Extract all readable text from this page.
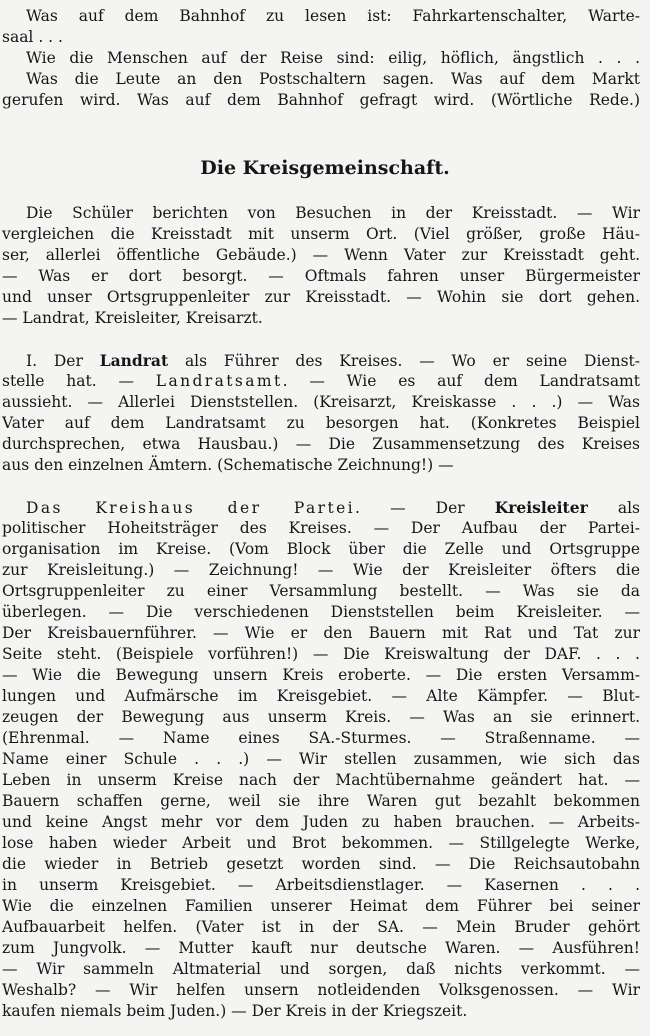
Was auf dem Bahnhof zu lesen ist: Fahrkartenschalter, Warte-
saal . . .
Wie die Menschen auf der Reise sind: eilig, höflich, ängstlich . . .
Was die Leute an den Postschaltern sagen. Was auf dem Markt
gerufen wird. Was auf dem Bahnhof gefragt wird. (Wörtliche Rede.)
Die Kreisgemeinschaft.
Die Schüler berichten von Besuchen in der Kreisstadt. — Wir
vergleichen die Kreisstadt mit unserm Ort. (Viel größer, große Häu-
ser, allerlei öffentliche Gebäude.) — Wenn Vater zur Kreisstadt geht.
— Was er dort besorgt. — Oftmals fahren unser Bürgermeister
und unser Ortsgruppenleiter zur Kreisstadt. — Wohin sie dort gehen.
— Landrat, Kreisleiter, Kreisarzt.
I. Der Landrat als Führer des Kreises. — Wo er seine Dienst-
stelle hat. — Landratsamt. — Wie es auf dem Landratsamt
aussieht. — Allerlei Dienststellen. (Kreisarzt, Kreiskasse . . .) — Was
Vater auf dem Landratsamt zu besorgen hat. (Konkretes Beispiel
durchsprechen, etwa Hausbau.) — Die Zusammensetzung des Kreises
aus den einzelnen Ämtern. (Schematische Zeichnung!) —
Das Kreishaus der Partei. — Der Kreisleiter als
politischer Hoheitsträger des Kreises. — Der Aufbau der Partei-
organisation im Kreise. (Vom Block über die Zelle und Ortsgruppe
zur Kreisleitung.) — Zeichnung! — Wie der Kreisleiter öfters die
Ortsgruppenleiter zu einer Versammlung bestellt. — Was sie da
überlegen. — Die verschiedenen Dienststellen beim Kreisleiter. —
Der Kreisbauernführer. — Wie er den Bauern mit Rat und Tat zur
Seite steht. (Beispiele vorführen!) — Die Kreiswaltung der DAF. . . .
— Wie die Bewegung unsern Kreis eroberte. — Die ersten Versamm-
lungen und Aufmärsche im Kreisgebiet. — Alte Kämpfer. — Blut-
zeugen der Bewegung aus unserm Kreis. — Was an sie erinnert.
(Ehrenmal. — Name eines SA.-Sturmes. — Straßenname. —
Name einer Schule . . .) — Wir stellen zusammen, wie sich das
Leben in unserm Kreise nach der Machtübernahme geändert hat. —
Bauern schaffen gerne, weil sie ihre Waren gut bezahlt bekommen
und keine Angst mehr vor dem Juden zu haben brauchen. — Arbeits-
lose haben wieder Arbeit und Brot bekommen. — Stillgelegte Werke,
die wieder in Betrieb gesetzt worden sind. — Die Reichsautobahn
in unserm Kreisgebiet. — Arbeitsdienstlager. — Kasernen . . .
Wie die einzelnen Familien unserer Heimat dem Führer bei seiner
Aufbauarbeit helfen. (Vater ist in der SA. — Mein Bruder gehört
zum Jungvolk. — Mutter kauft nur deutsche Waren. — Ausführen!
— Wir sammeln Altmaterial und sorgen, daß nichts verkommt. —
Weshalb? — Wir helfen unsern notleidenden Volksgenossen. — Wir
kaufen niemals beim Juden.) — Der Kreis in der Kriegszeit.
